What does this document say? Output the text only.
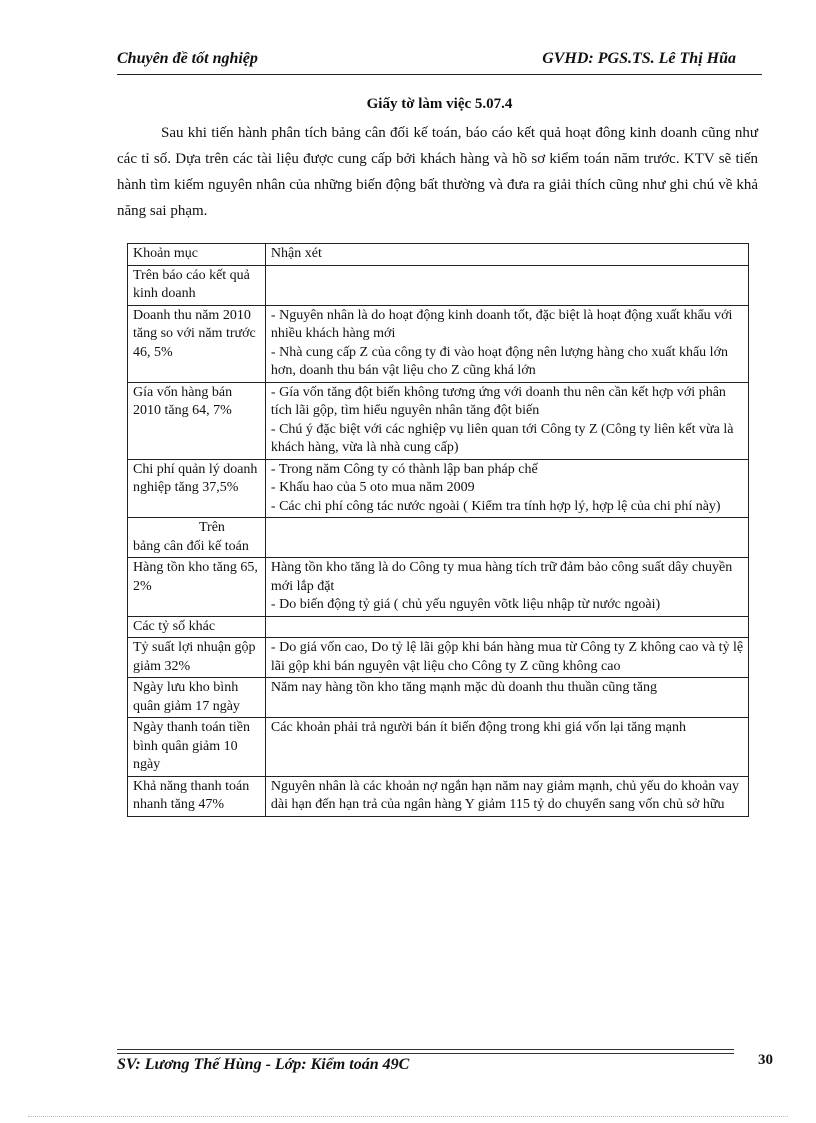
Chuyên đề tốt nghiệp	GVHD: PGS.TS. Lê Thị Hũa
Giấy tờ làm việc 5.07.4
Sau khi tiến hành phân tích bảng cân đối kế toán, báo cáo kết quả hoạt đông kinh doanh cũng như các tỉ số. Dựa trên các tài liệu được cung cấp bởi khách hàng và hồ sơ kiểm toán năm trước. KTV sẽ tiến hành tìm kiếm nguyên nhân của những biến động bất thường và đưa ra giải thích cũng như ghi chú về khả năng sai phạm.
Khoản mục	Nhận xét
Trên báo cáo kết quả kinh doanh	
Doanh thu năm 2010 tăng so với năm trước 46, 5%	- Nguyên nhân là do hoạt động kinh doanh tốt, đặc biệt là hoạt động xuất khẩu với nhiều khách hàng mới
- Nhà cung cấp Z của công ty đi vào hoạt động nên lượng hàng cho xuất khẩu lớn hơn, doanh thu bán vật liệu cho Z cũng khá lớn

Gía vốn hàng bán 2010 tăng 64, 7%	- Gía vốn tăng đột biến không tương ứng với doanh thu nên cần kết hợp với phân tích lãi gộp, tìm hiểu nguyên nhân tăng đột biến
- Chú ý đặc biệt với các nghiệp vụ liên quan tới Công ty Z (Công ty liên kết vừa là khách hàng, vừa là nhà cung cấp)

Chi phí quản lý doanh nghiệp tăng 37,5%	- Trong năm Công ty có thành lập ban pháp chế
- Khấu hao của 5 oto mua năm 2009
- Các chi phí công tác nước ngoài ( Kiểm tra tính hợp lý, hợp lệ của chi phí này)

Trên
bảng cân đối kế toán	

Hàng tồn kho tăng 65, 2%	Hàng tồn kho tăng là do Công ty mua hàng tích trữ đảm bảo công suất dây chuyền mới lắp đặt
- Do biến động tỷ giá ( chủ yếu nguyên võtk liệu nhập từ nước ngoài)

Các tỷ số khác	
Tỷ suất lợi nhuận gộp giảm 32%	- Do giá vốn cao, Do tỷ lệ lãi gộp khi bán hàng mua từ Công ty Z không cao và tỷ lệ lãi gộp khi bán nguyên vật liệu cho Công ty Z cũng không cao

Ngày lưu kho bình quân giảm 17 ngày	Năm nay hàng tồn kho tăng mạnh mặc dù doanh thu thuần cũng tăng

Ngày thanh toán tiền bình quân giảm 10 ngày	Các khoản phải trả người bán ít biến động trong khi giá vốn lại tăng mạnh

Khả năng thanh toán nhanh tăng 47%	Nguyên nhân là các khoản nợ ngắn hạn năm nay giảm mạnh, chủ yếu do khoản vay dài hạn đến hạn trả của ngân hàng Y giảm 115 tỷ do chuyển sang vốn chủ sở hữu
SV: Lương Thế Hùng - Lớp: Kiểm toán 49C	30
